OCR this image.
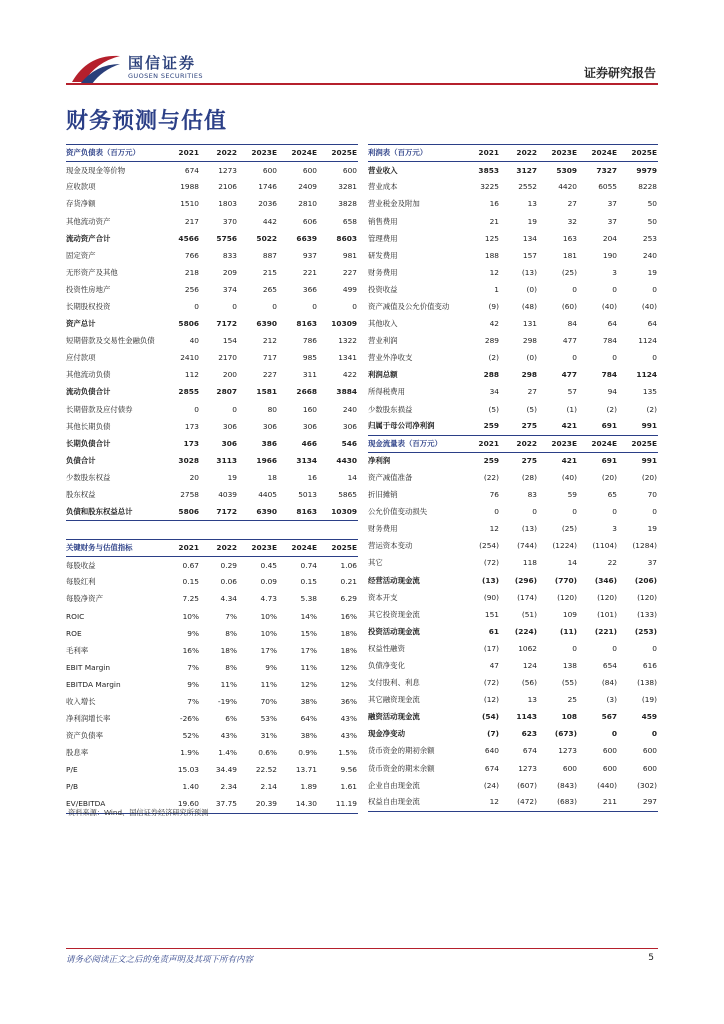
国信证券
GUOSEN SECURITIES	证券研究报告
财务预测与估值
资产负债表（百万元）	2021	2022	2023E	2024E	2025E
现金及现金等价物	674	1273	600	600	600
应收款项	1988	2106	1746	2409	3281
存货净额	1510	1803	2036	2810	3828
其他流动资产	217	370	442	606	658
流动资产合计	4566	5756	5022	6639	8603
固定资产	766	833	887	937	981
无形资产及其他	218	209	215	221	227
投资性房地产	256	374	265	366	499
长期股权投资	0	0	0	0	0
资产总计	5806	7172	6390	8163	10309
短期借款及交易性金融负债	40	154	212	786	1322
应付款项	2410	2170	717	985	1341
其他流动负债	112	200	227	311	422
流动负债合计	2855	2807	1581	2668	3884
长期借款及应付债券	0	0	80	160	240
其他长期负债	173	306	306	306	306
长期负债合计	173	306	386	466	546
负债合计	3028	3113	1966	3134	4430
少数股东权益	20	19	18	16	14
股东权益	2758	4039	4405	5013	5865
负债和股东权益总计	5806	7172	6390	8163	10309
关键财务与估值指标	2021	2022	2023E	2024E	2025E
每股收益	0.67	0.29	0.45	0.74	1.06
每股红利	0.15	0.06	0.09	0.15	0.21
每股净资产	7.25	4.34	4.73	5.38	6.29
ROIC	10%	7%	10%	14%	16%
ROE	9%	8%	10%	15%	18%
毛利率	16%	18%	17%	17%	18%
EBIT Margin	7%	8%	9%	11%	12%
EBITDA Margin	9%	11%	11%	12%	12%
收入增长	7%	-19%	70%	38%	36%
净利润增长率	-26%	6%	53%	64%	43%
资产负债率	52%	43%	31%	38%	43%
股息率	1.9%	1.4%	0.6%	0.9%	1.5%
P/E	15.03	34.49	22.52	13.71	9.56
P/B	1.40	2.34	2.14	1.89	1.61
EV/EBITDA	19.60	37.75	20.39	14.30	11.19
利润表（百万元）	2021	2022	2023E	2024E	2025E
营业收入	3853	3127	5309	7327	9979
营业成本	3225	2552	4420	6055	8228
营业税金及附加	16	13	27	37	50
销售费用	21	19	32	37	50
管理费用	125	134	163	204	253
研发费用	188	157	181	190	240
财务费用	12	(13)	(25)	3	19
投资收益	1	(0)	0	0	0
资产减值及公允价值变动	(9)	(48)	(60)	(40)	(40)
其他收入	42	131	84	64	64
营业利润	289	298	477	784	1124
营业外净收支	(2)	(0)	0	0	0
利润总额	288	298	477	784	1124
所得税费用	34	27	57	94	135
少数股东损益	(5)	(5)	(1)	(2)	(2)
归属于母公司净利润	259	275	421	691	991
现金流量表（百万元）	2021	2022	2023E	2024E	2025E
净利润	259	275	421	691	991
资产减值准备	(22)	(28)	(40)	(20)	(20)
折旧摊销	76	83	59	65	70
公允价值变动损失	0	0	0	0	0
财务费用	12	(13)	(25)	3	19
营运资本变动	(254)	(744)	(1224)	(1104)	(1284)
其它	(72)	118	14	22	37
经营活动现金流	(13)	(296)	(770)	(346)	(206)
资本开支	(90)	(174)	(120)	(120)	(120)
其它投资现金流	151	(51)	109	(101)	(133)
投资活动现金流	61	(224)	(11)	(221)	(253)
权益性融资	(17)	1062	0	0	0
负债净变化	47	124	138	654	616
支付股利、利息	(72)	(56)	(55)	(84)	(138)
其它融资现金流	(12)	13	25	(3)	(19)
融资活动现金流	(54)	1143	108	567	459
现金净变动	(7)	623	(673)	0	0
货币资金的期初余额	640	674	1273	600	600
货币资金的期末余额	674	1273	600	600	600
企业自由现金流	(24)	(607)	(843)	(440)	(302)
权益自由现金流	12	(472)	(683)	211	297
资料来源：Wind、国信证券经济研究所预测
请务必阅读正文之后的免责声明及其项下所有内容	5
